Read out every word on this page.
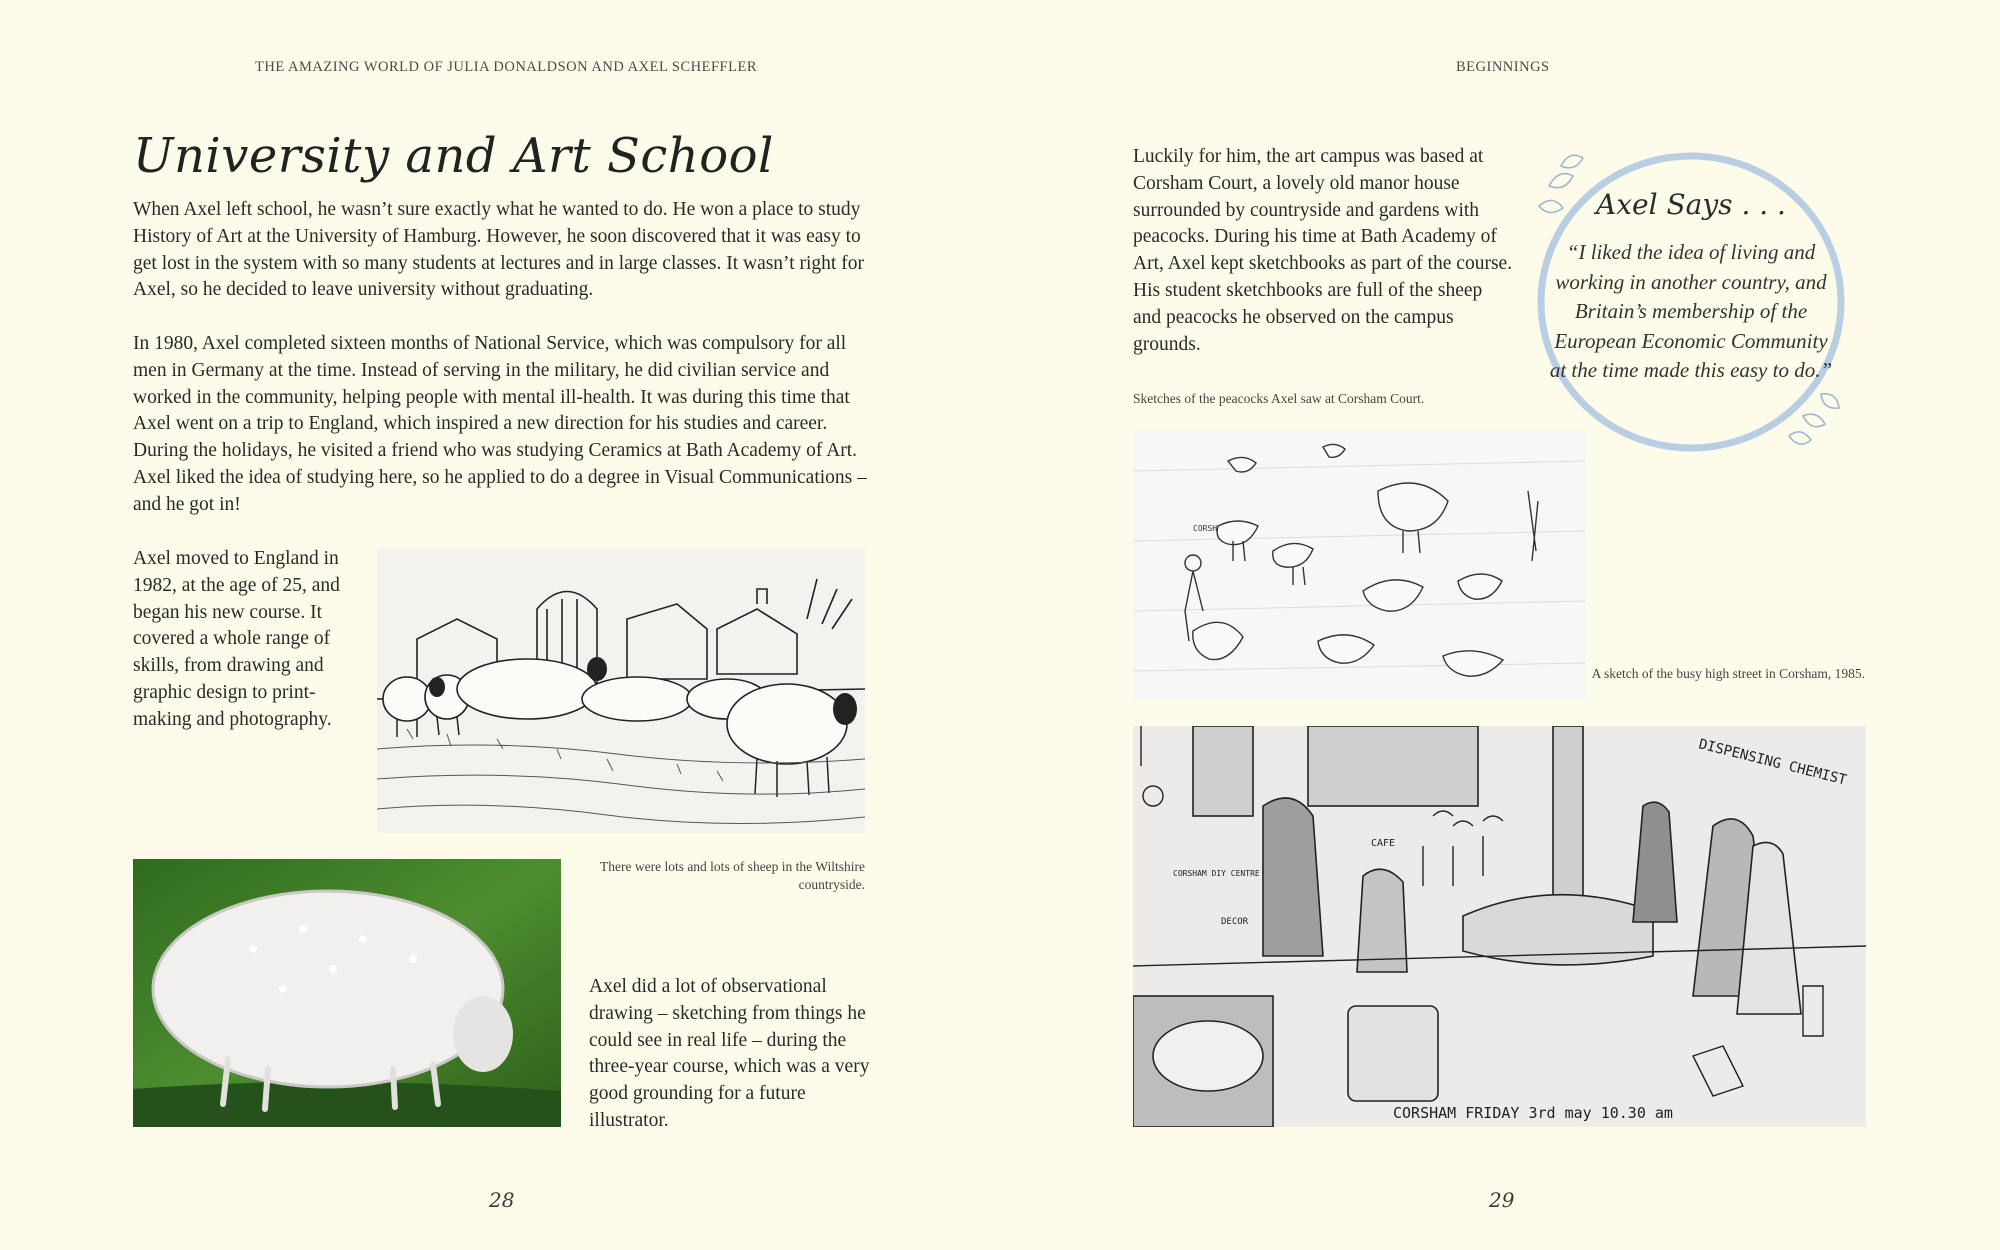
THE AMAZING WORLD OF JULIA DONALDSON AND AXEL SCHEFFLER
University and Art School

When Axel left school, he wasn’t sure exactly what he wanted to do. He won a place to study History of Art at the University of Hamburg. However, he soon discovered that it was easy to get lost in the system with so many students at lectures and in large classes. It wasn’t right for Axel, so he decided to leave university without graduating.

In 1980, Axel completed sixteen months of National Service, which was compulsory for all men in Germany at the time. Instead of serving in the military, he did civilian service and worked in the community, helping people with mental ill-health. It was during this time that Axel went on a trip to England, which inspired a new direction for his studies and career. During the holidays, he visited a friend who was studying Ceramics at Bath Academy of Art. Axel liked the idea of studying here, so he applied to do a degree in Visual Communications – and he got in!

Axel moved to England in 1982, at the age of 25, and began his new course. It covered a whole range of skills, from drawing and graphic design to print-making and photography.

There were lots and lots of sheep in the Wiltshire countryside.

Axel did a lot of observational drawing – sketching from things he could see in real life – during the three-year course, which was a very good grounding for a future illustrator.

28
BEGINNINGS

Luckily for him, the art campus was based at Corsham Court, a lovely old manor house surrounded by countryside and gardens with peacocks. During his time at Bath Academy of Art, Axel kept sketchbooks as part of the course. His student sketchbooks are full of the sheep and peacocks he observed on the campus grounds.

Axel Says . . .
“I liked the idea of living and working in another country, and Britain’s membership of the European Economic Community at the time made this easy to do.”

Sketches of the peacocks Axel saw at Corsham Court.

CORSH

A sketch of the busy high street in Corsham, 1985.

DISPENSING CHEMIST
CAFE
CORSHAM DIY CENTRE
DECOR
CORSHAM FRIDAY 3rd may 10.30 am
29
